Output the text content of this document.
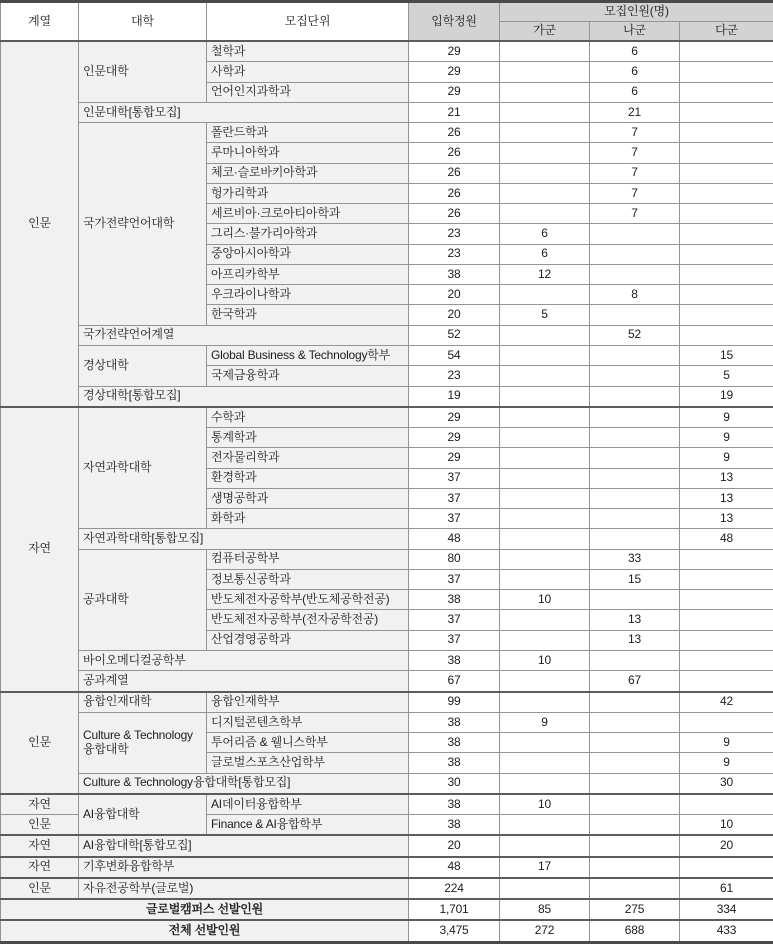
계열	대학	모집단위	입학정원	모집인원(명)		
				가군	나군	다군
인문	인문대학	철학과	29		6	
		사학과	29		6	
		언어인지과학과	29		6	
	인문대학[통합모집]		21		21	
	국가전략언어대학	폴란드학과	26		7	
		루마니아학과	26		7	
		체코·슬로바키아학과	26		7	
		헝가리학과	26		7	
		세르비아·크로아티아학과	26		7	
		그리스·불가리아학과	23	6		
		중앙아시아학과	23	6		
		아프리카학부	38	12		
		우크라이나학과	20		8	
		한국학과	20	5		
	국가전략언어계열		52		52	
	경상대학	Global Business & Technology학부	54			15
		국제금융학과	23			5
	경상대학[통합모집]		19			19
자연	자연과학대학	수학과	29			9
		통계학과	29			9
		전자물리학과	29			9
		환경학과	37			13
		생명공학과	37			13
		화학과	37			13
	자연과학대학[통합모집]		48			48
	공과대학	컴퓨터공학부	80		33	
		정보통신공학과	37		15	
		반도체전자공학부(반도체공학전공)	38	10		
		반도체전자공학부(전자공학전공)	37		13	
		산업경영공학과	37		13	
	바이오메디컬공학부		38	10		
	공과계열		67		67	
인문	융합인재대학	융합인재학부	99			42
	Culture & Technology 융합대학	디지털콘텐츠학부	38	9		
		투어리즘 & 웰니스학부	38			9
		글로벌스포츠산업학부	38			9
	Culture & Technology융합대학[통합모집]		30			30
자연	AI융합대학	AI데이터융합학부	38	10		
인문		Finance & AI융합학부	38			10
자연	AI융합대학[통합모집]		20			20
자연	기후변화융합학부		48	17		
인문	자유전공학부(글로벌)		224			61
글로벌캠퍼스 선발인원			1,701	85	275	334
전체 선발인원			3,475	272	688	433
